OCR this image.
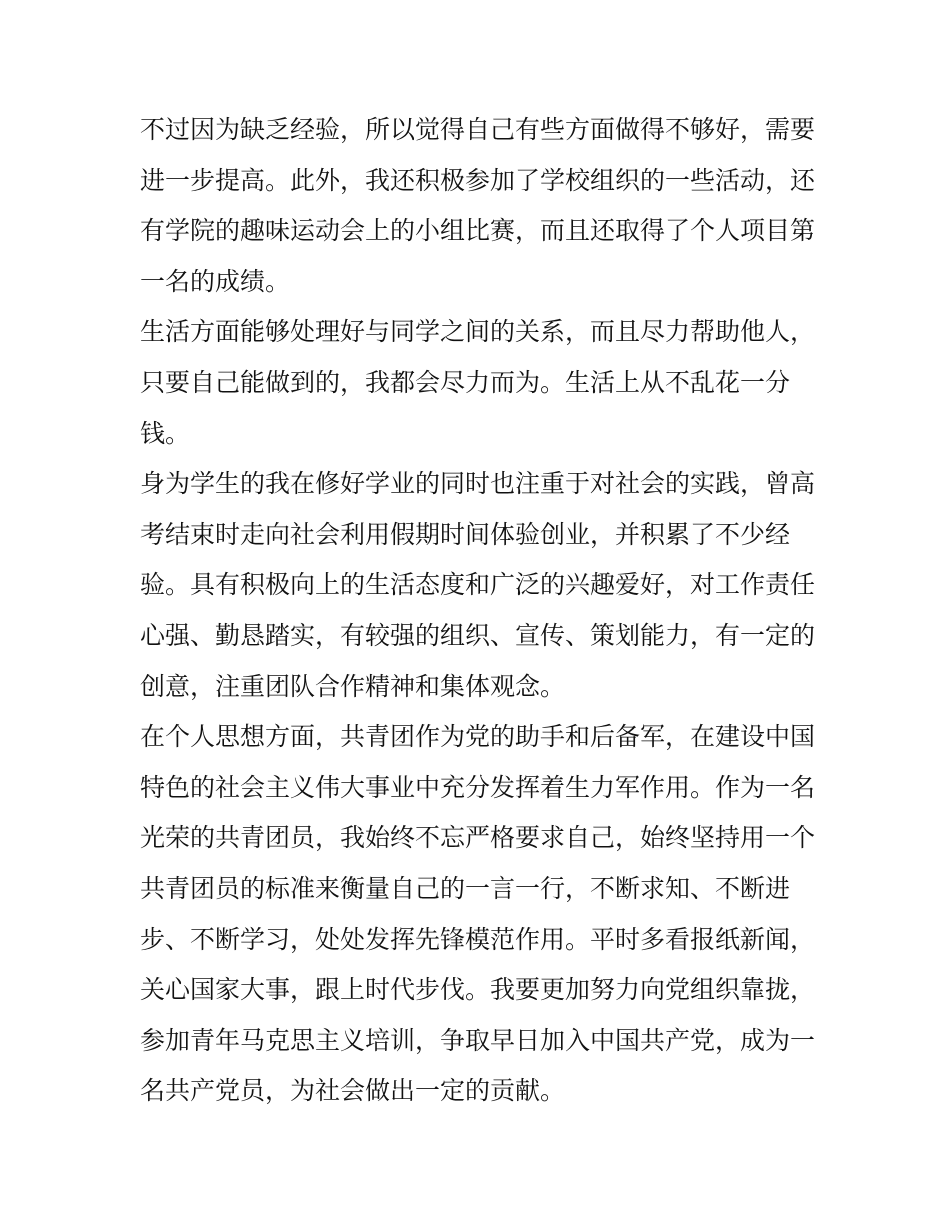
不过因为缺乏经验，所以觉得自己有些方面做得不够好，需要
进一步提高。此外，我还积极参加了学校组织的一些活动，还
有学院的趣味运动会上的小组比赛，而且还取得了个人项目第
一名的成绩。
生活方面能够处理好与同学之间的关系，而且尽力帮助他人，
只要自己能做到的，我都会尽力而为。生活上从不乱花一分
钱。
身为学生的我在修好学业的同时也注重于对社会的实践，曾高
考结束时走向社会利用假期时间体验创业，并积累了不少经
验。具有积极向上的生活态度和广泛的兴趣爱好，对工作责任
心强、勤恳踏实，有较强的组织、宣传、策划能力，有一定的
创意，注重团队合作精神和集体观念。
在个人思想方面，共青团作为党的助手和后备军，在建设中国
特色的社会主义伟大事业中充分发挥着生力军作用。作为一名
光荣的共青团员，我始终不忘严格要求自己，始终坚持用一个
共青团员的标准来衡量自己的一言一行，不断求知、不断进
步、不断学习，处处发挥先锋模范作用。平时多看报纸新闻，
关心国家大事，跟上时代步伐。我要更加努力向党组织靠拢，
参加青年马克思主义培训，争取早日加入中国共产党，成为一
名共产党员，为社会做出一定的贡献。
